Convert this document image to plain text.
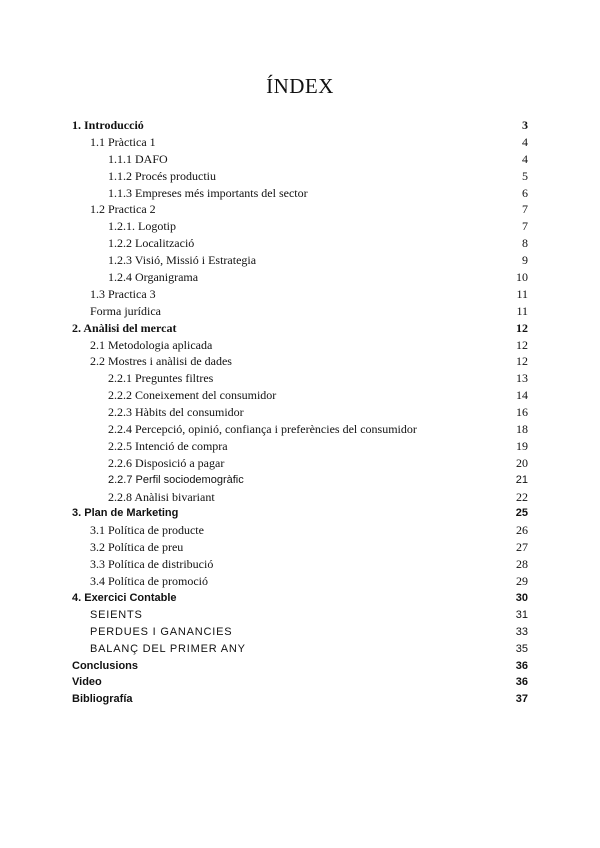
ÍNDEX
1. Introducció	3
1.1 Pràctica 1	4
1.1.1 DAFO	4
1.1.2 Procés productiu	5
1.1.3 Empreses més importants del sector	6
1.2 Practica 2	7
1.2.1. Logotip	7
1.2.2 Localització	8
1.2.3 Visió, Missió i Estrategia	9
1.2.4 Organigrama	10
1.3 Practica 3	11
Forma jurídica	11
2. Anàlisi del mercat	12
2.1 Metodologia aplicada	12
2.2 Mostres i anàlisi de dades	12
2.2.1 Preguntes filtres	13
2.2.2 Coneixement del consumidor	14
2.2.3 Hàbits del consumidor	16
2.2.4 Percepció, opinió, confiança i preferències del consumidor	18
2.2.5 Intenció de compra	19
2.2.6 Disposició a pagar	20
2.2.7 Perfil sociodemogràfic	21
2.2.8 Anàlisi bivariant	22
3. Plan de Marketing	25
3.1 Política de producte	26
3.2 Política de preu	27
3.3 Política de distribució	28
3.4 Política de promoció	29
4. Exercici Contable	30
SEIENTS	31
PERDUES I GANANCIES	33
BALANÇ DEL PRIMER ANY	35
Conclusions	36
Video	36
Bibliografía	37
